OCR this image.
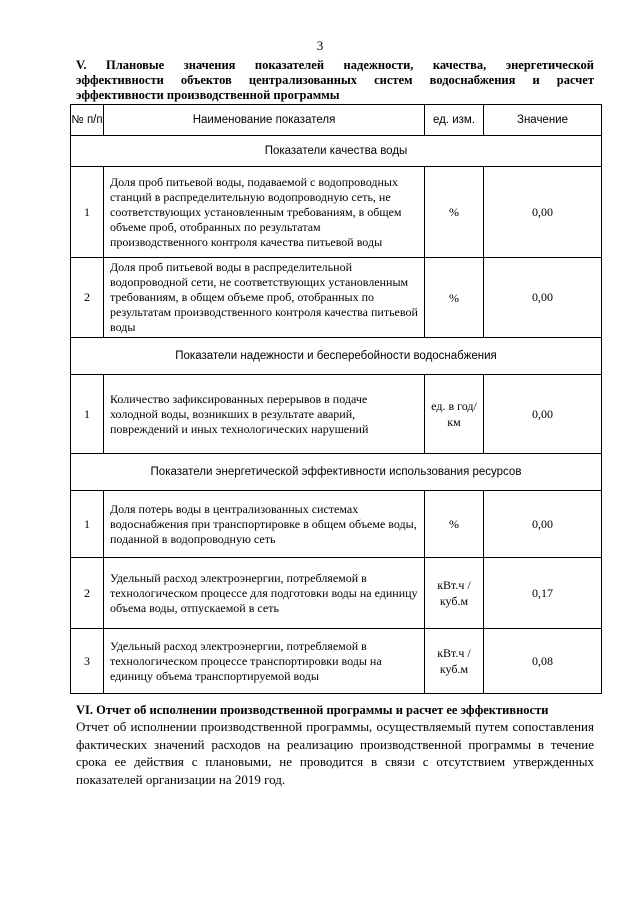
3
V. Плановые значения показателей надежности, качества, энергетической
эффективности объектов централизованных систем водоснабжения и расчет
эффективности производственной программы
№ п/п	Наименование показателя	ед. изм.	Значение
Показатели качества воды			
1	Доля проб питьевой воды, подаваемой с водопроводных станций в распределительную водопроводную сеть, не соответствующих установленным требованиям, в общем объеме проб, отобранных по результатам производственного контроля качества питьевой воды	%	0,00
2	Доля проб питьевой воды в распределительной водопроводной сети, не соответствующих установленным требованиям, в общем объеме проб, отобранных по результатам производственного контроля качества питьевой воды	%	0,00
Показатели надежности и бесперебойности водоснабжения			
1	Количество зафиксированных перерывов в подаче холодной воды, возникших в результате аварий, повреждений и иных технологических нарушений	ед. в год/ км	0,00
Показатели энергетической эффективности использования ресурсов			
1	Доля потерь воды в централизованных системах водоснабжения при транспортировке в общем объеме воды, поданной в водопроводную сеть	%	0,00
2	Удельный расход электроэнергии, потребляемой в технологическом процессе для подготовки воды на единицу объема воды, отпускаемой в сеть	кВт.ч / куб.м	0,17
3	Удельный расход электроэнергии, потребляемой в технологическом процессе транспортировки воды на единицу объема транспортируемой воды	кВт.ч / куб.м	0,08
VI. Отчет об исполнении производственной программы и расчет ее эффективности
Отчет об исполнении производственной программы, осуществляемый путем сопоставления фактических значений расходов на реализацию производственной программы в течение срока ее действия с плановыми, не проводится в связи с отсутствием утвержденных показателей организации на 2019 год.
